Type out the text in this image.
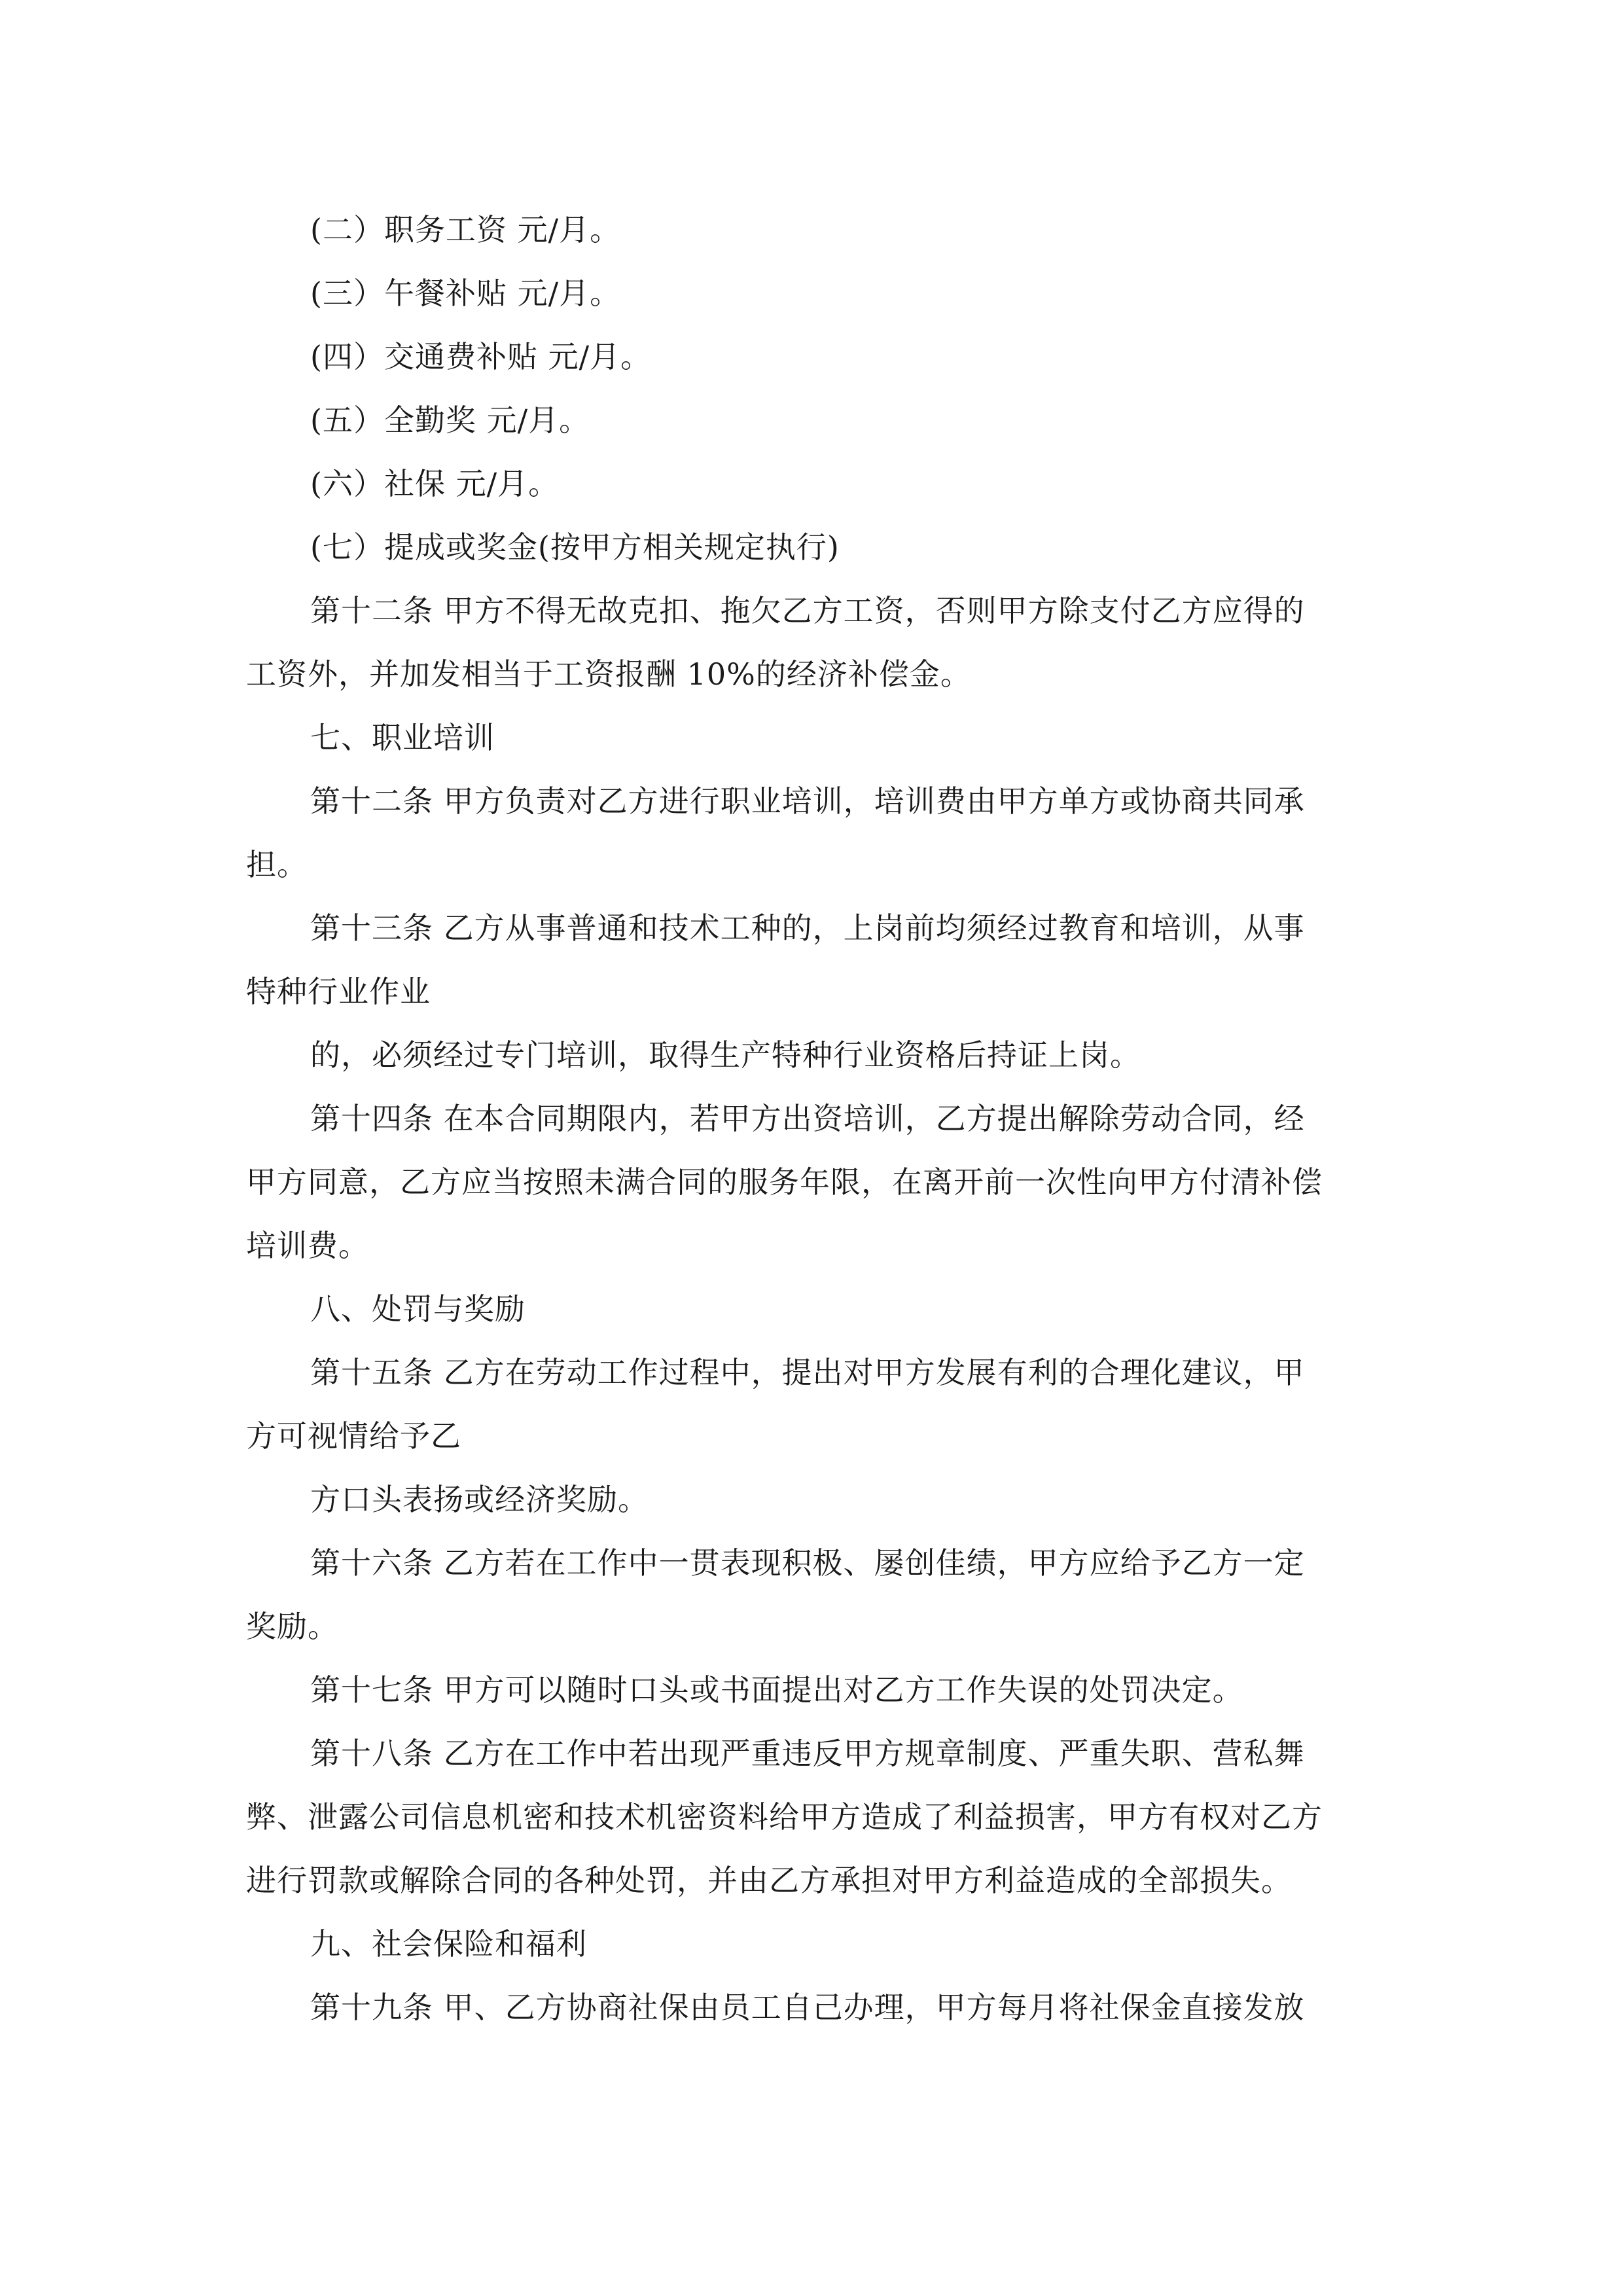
(二）职务工资 元/月。

(三）午餐补贴 元/月。

(四）交通费补贴 元/月。

(五）全勤奖 元/月。

(六）社保 元/月。

(七）提成或奖金(按甲方相关规定执行)

第十二条 甲方不得无故克扣、拖欠乙方工资，否则甲方除支付乙方应得的

工资外，并加发相当于工资报酬 10%的经济补偿金。

七、职业培训

第十二条 甲方负责对乙方进行职业培训，培训费由甲方单方或协商共同承

担。

第十三条 乙方从事普通和技术工种的，上岗前均须经过教育和培训，从事

特种行业作业

的，必须经过专门培训，取得生产特种行业资格后持证上岗。

第十四条 在本合同期限内，若甲方出资培训，乙方提出解除劳动合同，经

甲方同意，乙方应当按照未满合同的服务年限，在离开前一次性向甲方付清补偿

培训费。

八、处罚与奖励

第十五条 乙方在劳动工作过程中，提出对甲方发展有利的合理化建议，甲

方可视情给予乙

方口头表扬或经济奖励。

第十六条 乙方若在工作中一贯表现积极、屡创佳绩，甲方应给予乙方一定

奖励。

第十七条 甲方可以随时口头或书面提出对乙方工作失误的处罚决定。

第十八条 乙方在工作中若出现严重违反甲方规章制度、严重失职、营私舞

弊、泄露公司信息机密和技术机密资料给甲方造成了利益损害，甲方有权对乙方

进行罚款或解除合同的各种处罚，并由乙方承担对甲方利益造成的全部损失。

九、社会保险和福利

第十九条 甲、乙方协商社保由员工自己办理，甲方每月将社保金直接发放
